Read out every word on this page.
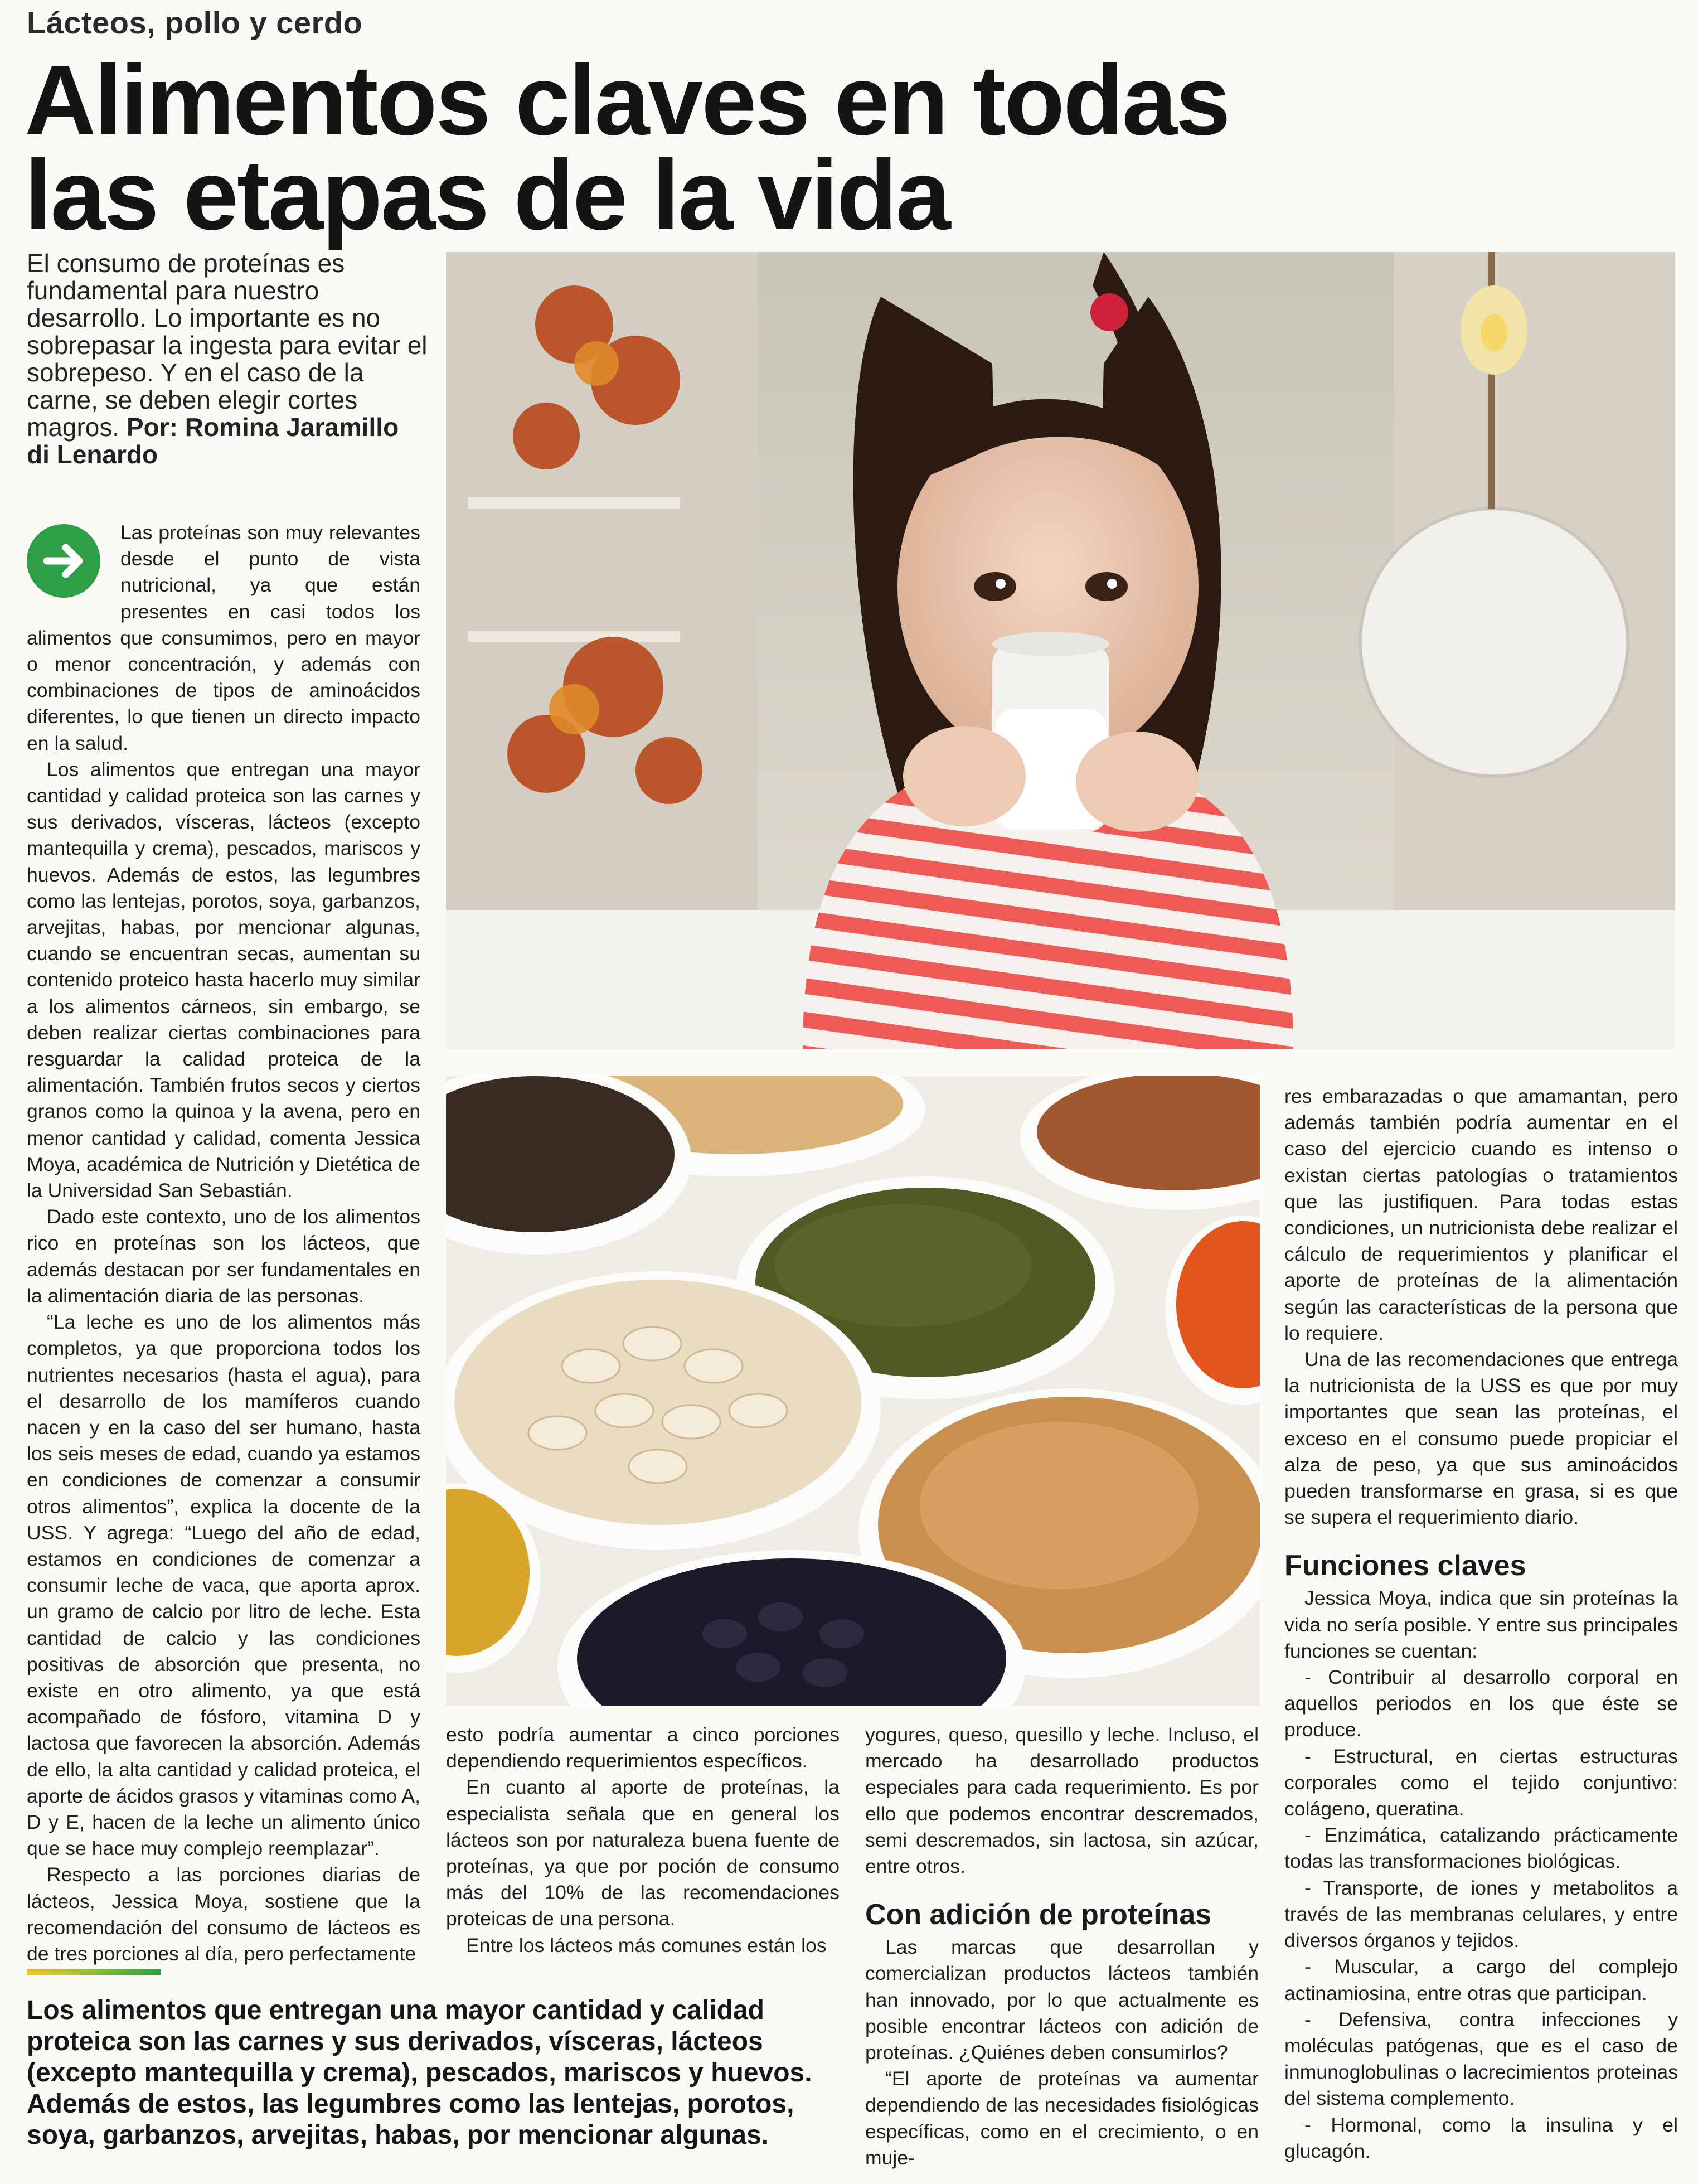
Lácteos, pollo y cerdo
Alimentos claves en todas
las etapas de la vida
El consumo de proteínas es fundamental para nuestro desarrollo. Lo importante es no sobrepasar la ingesta para evitar el sobrepeso. Y en el caso de la carne, se deben elegir cortes magros. Por: Romina Jaramillo di Lenardo

Las proteínas son muy relevantes desde el punto de vista nutricional, ya que están presentes en casi todos los alimentos que consumimos, pero en mayor o menor concentración, y además con combinaciones de tipos de aminoácidos diferentes, lo que tienen un directo impacto en la salud.

Los alimentos que entregan una mayor cantidad y calidad proteica son las carnes y sus derivados, vísceras, lácteos (excepto mantequilla y crema), pescados, mariscos y huevos. Además de estos, las legumbres como las lentejas, porotos, soya, garbanzos, arvejitas, habas, por mencionar algunas, cuando se encuentran secas, aumentan su contenido proteico hasta hacerlo muy similar a los alimentos cárneos, sin embargo, se deben realizar ciertas combinaciones para resguardar la calidad proteica de la alimentación. También frutos secos y ciertos granos como la quinoa y la avena, pero en menor cantidad y calidad, comenta Jessica Moya, académica de Nutrición y Dietética de la Universidad San Sebastián.

Dado este contexto, uno de los alimentos rico en proteínas son los lácteos, que además destacan por ser fundamentales en la alimentación diaria de las personas.

“La leche es uno de los alimentos más completos, ya que proporciona todos los nutrientes necesarios (hasta el agua), para el desarrollo de los mamíferos cuando nacen y en la caso del ser humano, hasta los seis meses de edad, cuando ya estamos en condiciones de comenzar a consumir otros alimentos”, explica la docente de la USS. Y agrega: “Luego del año de edad, estamos en condiciones de comenzar a consumir leche de vaca, que aporta aprox. un gramo de calcio por litro de leche. Esta cantidad de calcio y las condiciones positivas de absorción que presenta, no existe en otro alimento, ya que está acompañado de fósforo, vitamina D y lactosa que favorecen la absorción. Además de ello, la alta cantidad y calidad proteica, el aporte de ácidos grasos y vitaminas como A, D y E, hacen de la leche un alimento único que se hace muy complejo reemplazar”.

Respecto a las porciones diarias de lácteos, Jessica Moya, sostiene que la recomendación del consumo de lácteos es de tres porciones al día, pero perfectamente

esto podría aumentar a cinco porciones dependiendo requerimientos específicos.

En cuanto al aporte de proteínas, la especialista señala que en general los lácteos son por naturaleza buena fuente de proteínas, ya que por poción de consumo más del 10% de las recomendaciones proteicas de una persona.

Entre los lácteos más comunes están los

yogures, queso, quesillo y leche. Incluso, el mercado ha desarrollado productos especiales para cada requerimiento. Es por ello que podemos encontrar descremados, semi descremados, sin lactosa, sin azúcar, entre otros.

Con adición de proteínas

Las marcas que desarrollan y comercializan productos lácteos también han innovado, por lo que actualmente es posible encontrar lácteos con adición de proteínas. ¿Quiénes deben consumirlos?

“El aporte de proteínas va aumentar dependiendo de las necesidades fisiológicas específicas, como en el crecimiento, o en muje-

res embarazadas o que amamantan, pero además también podría aumentar en el caso del ejercicio cuando es intenso o existan ciertas patologías o tratamientos que las justifiquen. Para todas estas condiciones, un nutricionista debe realizar el cálculo de requerimientos y planificar el aporte de proteínas de la alimentación según las características de la persona que lo requiere.

Una de las recomendaciones que entrega la nutricionista de la USS es que por muy importantes que sean las proteínas, el exceso en el consumo puede propiciar el alza de peso, ya que sus aminoácidos pueden transformarse en grasa, si es que se supera el requerimiento diario.

Funciones claves

Jessica Moya, indica que sin proteínas la vida no sería posible. Y entre sus principales funciones se cuentan:

- Contribuir al desarrollo corporal en aquellos periodos en los que éste se produce.

- Estructural, en ciertas estructuras corporales como el tejido conjuntivo: colágeno, queratina.

- Enzimática, catalizando prácticamente todas las transformaciones biológicas.

- Transporte, de iones y metabolitos a través de las membranas celulares, y entre diversos órganos y tejidos.

- Muscular, a cargo del complejo actinamiosina, entre otras que participan.

- Defensiva, contra infecciones y moléculas patógenas, que es el caso de inmunoglobulinas o lacrecimientos proteinas del sistema complemento.

- Hormonal, como la insulina y el glucagón.

Los alimentos que entregan una mayor cantidad y calidad proteica son las carnes y sus derivados, vísceras, lácteos (excepto mantequilla y crema), pescados, mariscos y huevos. Además de estos, las legumbres como las lentejas, porotos, soya, garbanzos, arvejitas, habas, por mencionar algunas.
